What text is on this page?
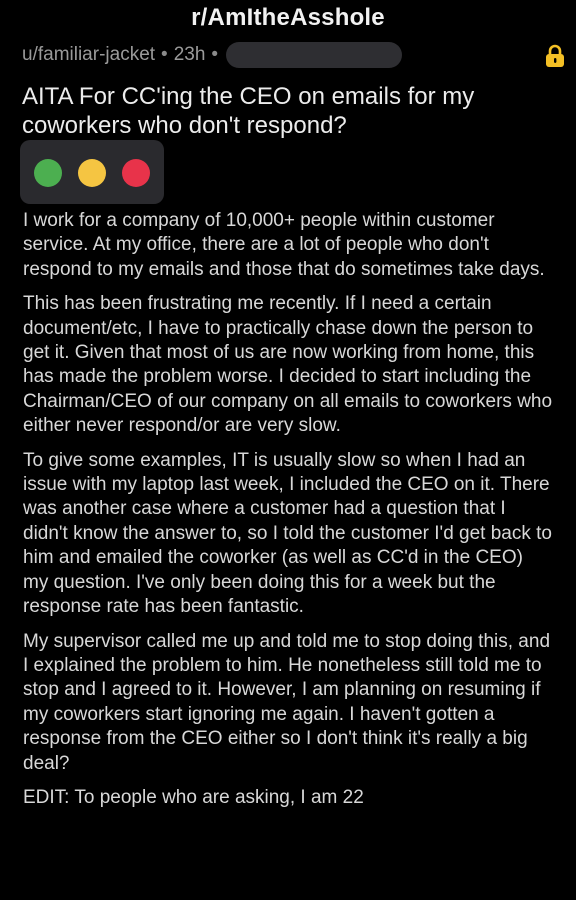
r/AmItheAsshole
u/familiar-jacket • 23h •
AITA For CC'ing the CEO on emails for my coworkers who don't respond?

I work for a company of 10,000+ people within customer service. At my office, there are a lot of people who don't respond to my emails and those that do sometimes take days.

This has been frustrating me recently. If I need a certain document/etc, I have to practically chase down the person to get it. Given that most of us are now working from home, this has made the problem worse. I decided to start including the Chairman/CEO of our company on all emails to coworkers who either never respond/or are very slow.

To give some examples, IT is usually slow so when I had an issue with my laptop last week, I included the CEO on it. There was another case where a customer had a question that I didn't know the answer to, so I told the customer I'd get back to him and emailed the coworker (as well as CC'd in the CEO) my question. I've only been doing this for a week but the response rate has been fantastic.

My supervisor called me up and told me to stop doing this, and I explained the problem to him. He nonetheless still told me to stop and I agreed to it. However, I am planning on resuming if my coworkers start ignoring me again. I haven't gotten a response from the CEO either so I don't think it's really a big deal?

EDIT: To people who are asking, I am 22
